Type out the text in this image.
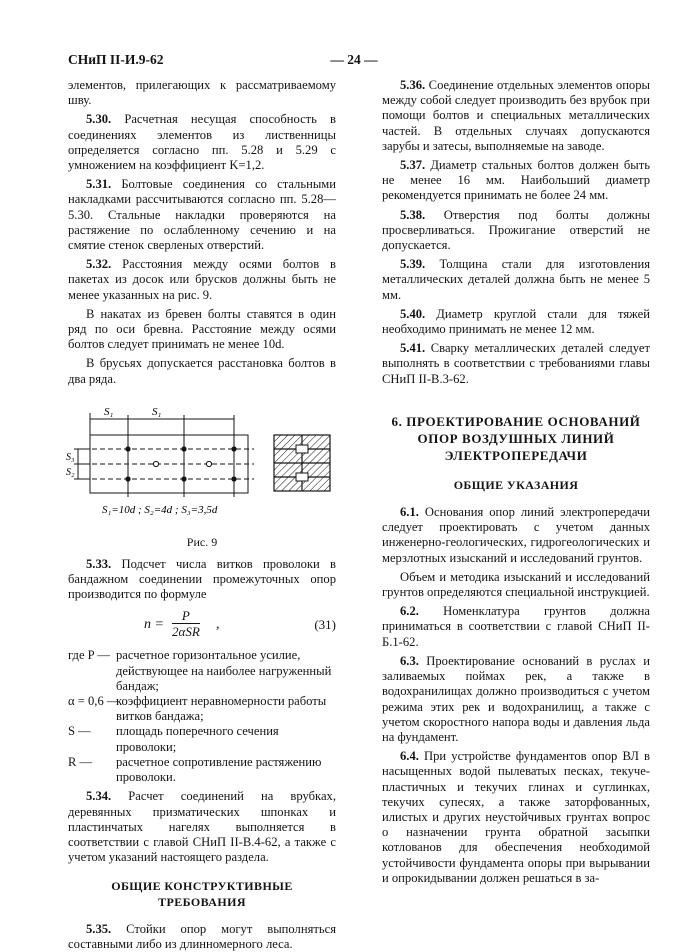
СНиП II-И.9-62	— 24 —

элементов, прилегающих к рассматриваемому шву.

5.30. Расчетная несущая способность в соединениях элементов из лиственницы определяется согласно пп. 5.28 и 5.29 с умножением на коэффициент K=1,2.

5.31. Болтовые соединения со стальными накладками рассчитываются согласно пп. 5.28—5.30. Стальные накладки проверяются на растяжение по ослабленному сечению и на смятие стенок сверленых отверстий.

5.32. Расстояния между осями болтов в пакетах из досок или брусков должны быть не менее указанных на рис. 9.

В накатах из бревен болты ставятся в один ряд по оси бревна. Расстояние между осями болтов следует принимать не менее 10d.

В брусьях допускается расстановка болтов в два ряда.

S₁	S₁
S₃
S₂
S₁=10d ; S₂=4d ; S₃=3,5d
Рис. 9

5.33. Подсчет числа витков проволоки в бандажном соединении промежуточных опор производится по формуле

n =
P
2αSR ,	(31)
где P — расчетное горизонтальное усилие, действующее на наиболее нагруженный бандаж;
α = 0,6 —
коэффициент неравномерности работы витков бандажа;
S —	площадь поперечного сечения проволоки;
R —	расчетное сопротивление растяжению проволоки.

5.34. Расчет соединений на врубках, деревянных призматических шпонках и пластинчатых нагелях выполняется в соответствии с главой СНиП II-В.4-62, а также с учетом указаний настоящего раздела.

ОБЩИЕ КОНСТРУКТИВНЫЕ ТРЕБОВАНИЯ

5.35. Стойки опор могут выполняться составными либо из длинномерного леса.

5.36. Соединение отдельных элементов опоры между собой следует производить без врубок при помощи болтов и специальных металлических частей. В отдельных случаях допускаются зарубы и затесы, выполняемые на заводе.

5.37. Диаметр стальных болтов должен быть не менее 16 мм. Наибольший диаметр рекомендуется принимать не более 24 мм.

5.38. Отверстия под болты должны просверливаться. Прожигание отверстий не допускается.

5.39. Толщина стали для изготовления металлических деталей должна быть не менее 5 мм.

5.40. Диаметр круглой стали для тяжей необходимо принимать не менее 12 мм.

5.41. Сварку металлических деталей следует выполнять в соответствии с требованиями главы СНиП II-В.3-62.

6. ПРОЕКТИРОВАНИЕ ОСНОВАНИЙ
ОПОР ВОЗДУШНЫХ ЛИНИЙ
ЭЛЕКТРОПЕРЕДАЧИ
ОБЩИЕ УКАЗАНИЯ

6.1. Основания опор линий электропередачи следует проектировать с учетом данных инженерно-геологических, гидрогеологических и мерзлотных изысканий и исследований грунтов.

Объем и методика изысканий и исследований грунтов определяются специальной инструкцией.

6.2. Номенклатура грунтов должна приниматься в соответствии с главой СНиП II-Б.1-62.

6.3. Проектирование оснований в руслах и заливаемых поймах рек, а также в водохранилищах должно производиться с учетом режима этих рек и водохранилищ, а также с учетом скоростного напора воды и давления льда на фундамент.

6.4. При устройстве фундаментов опор ВЛ в насыщенных водой пылеватых песках, текуче-пластичных и текучих глинах и суглинках, текучих супесях, а также заторфованных, илистых и других неустойчивых грунтах вопрос о назначении грунта обратной засыпки котлованов для обеспечения необходимой устойчивости фундамента опоры при вырывании и опрокидывании должен решаться в за-
